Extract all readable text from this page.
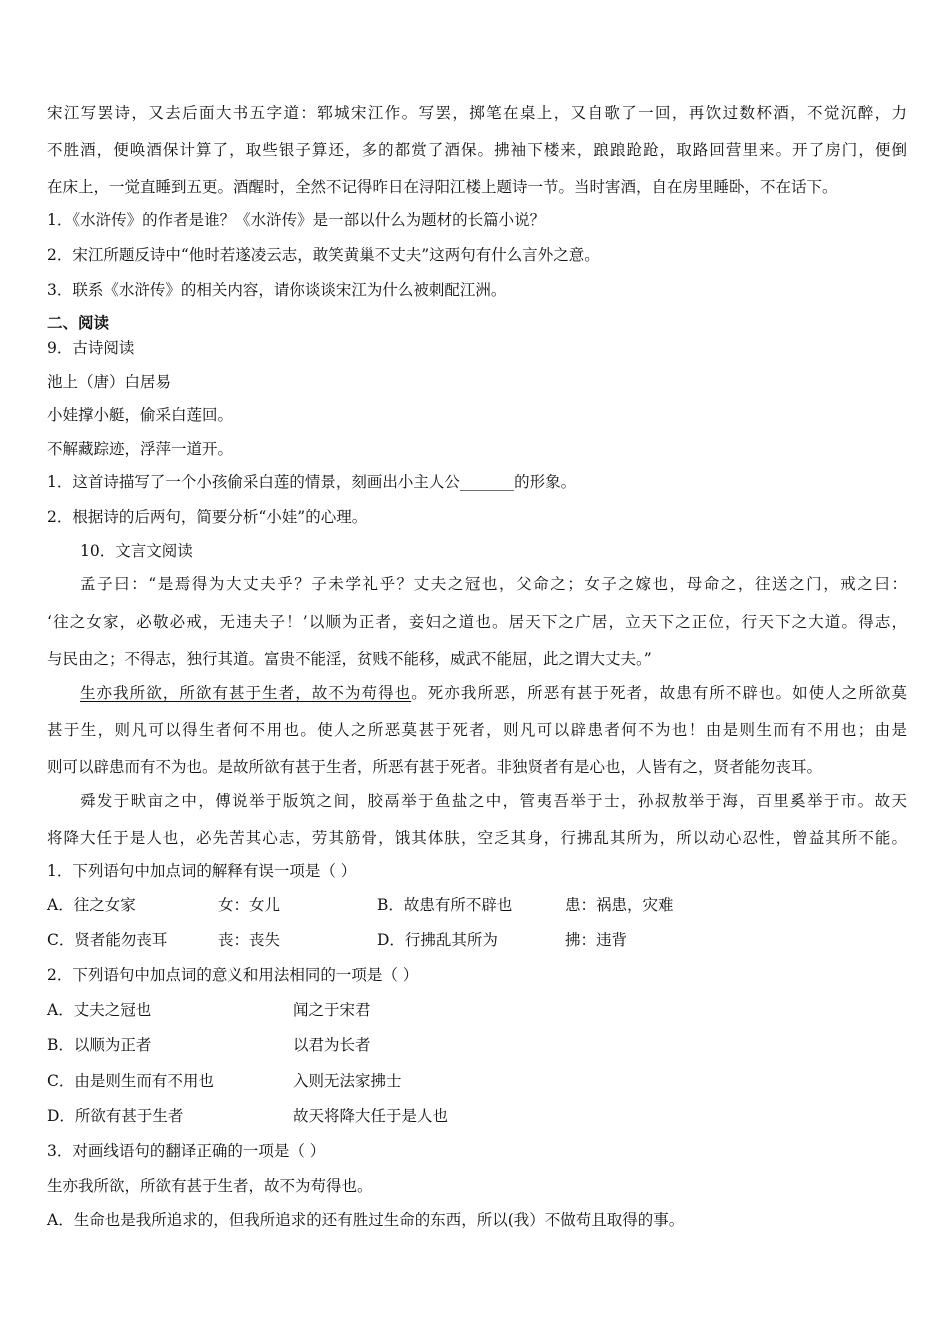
宋江写罢诗，又去后面大书五字道：郓城宋江作。写罢，掷笔在桌上，又自歌了一回，再饮过数杯酒，不觉沉醉，力
不胜酒，便唤酒保计算了，取些银子算还，多的都赏了酒保。拂袖下楼来，踉踉跄跄，取路回营里来。开了房门，便倒
在床上，一觉直睡到五更。酒醒时，全然不记得昨日在浔阳江楼上题诗一节。当时害酒，自在房里睡卧，不在话下。
1．《水浒传》的作者是谁？《水浒传》是一部以什么为题材的长篇小说？
2．宋江所题反诗中“他时若遂凌云志，敢笑黄巢不丈夫”这两句有什么言外之意。
3．联系《水浒传》的相关内容，请你谈谈宋江为什么被刺配江洲。
二、阅读
9．古诗阅读
池上（唐）白居易
小娃撑小艇，偷采白莲回。
不解藏踪迹，浮萍一道开。
1．这首诗描写了一个小孩偷采白莲的情景，刻画出小主人公_______的形象。
2．根据诗的后两句，简要分析“小娃”的心理。
10．文言文阅读
孟子曰：“是焉得为大丈夫乎？子未学礼乎？丈夫之冠也，父命之；女子之嫁也，母命之，往送之门，戒之曰：
‘往之女家，必敬必戒，无违夫子！’以顺为正者，妾妇之道也。居天下之广居，立天下之正位，行天下之大道。得志，
与民由之；不得志，独行其道。富贵不能淫，贫贱不能移，威武不能屈，此之谓大丈夫。”
生亦我所欲，所欲有甚于生者，故不为苟得也。死亦我所恶，所恶有甚于死者，故患有所不辟也。如使人之所欲莫
甚于生，则凡可以得生者何不用也。使人之所恶莫甚于死者，则凡可以辟患者何不为也！由是则生而有不用也；由是
则可以辟患而有不为也。是故所欲有甚于生者，所恶有甚于死者。非独贤者有是心也，人皆有之，贤者能勿丧耳。
舜发于畎亩之中，傅说举于版筑之间，胶鬲举于鱼盐之中，管夷吾举于士，孙叔敖举于海，百里奚举于市。故天
将降大任于是人也，必先苦其心志，劳其筋骨，饿其体肤，空乏其身，行拂乱其所为，所以动心忍性，曾益其所不能。
1．下列语句中加点词的解释有误一项是（ ）
A．往之女家	女：女儿	B．故患有所不辟也	患：祸患，灾难
C．贤者能勿丧耳	丧：丧失	D．行拂乱其所为	拂：违背
2．下列语句中加点词的意义和用法相同的一项是（ ）
A．丈夫之冠也	闻之于宋君
B．以顺为正者	以君为长者
C．由是则生而有不用也	入则无法家拂士
D．所欲有甚于生者	故天将降大任于是人也
3．对画线语句的翻译正确的一项是（ ）
生亦我所欲，所欲有甚于生者，故不为苟得也。
A．生命也是我所追求的，但我所追求的还有胜过生命的东西，所以(我）不做苟且取得的事。
